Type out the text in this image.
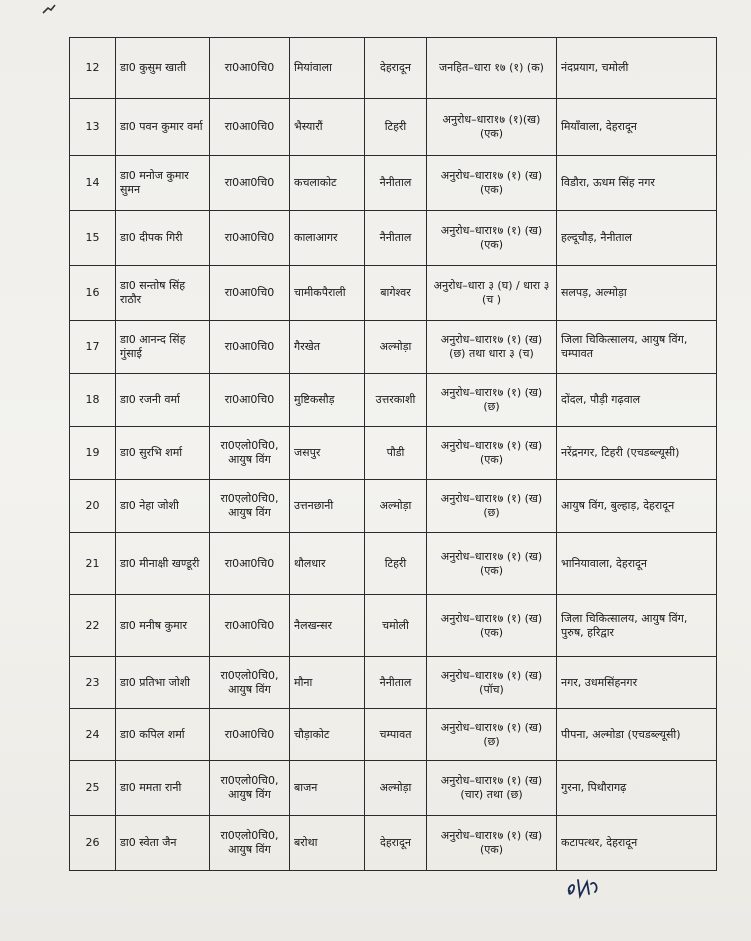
12	डा0 कुसुम खाती	रा0आ0चि0	मियांवाला	देहरादून	जनहित–धारा १७ (१) (क)	नंदप्रयाग, चमोली
13	डा0 पवन कुमार वर्मा	रा0आ0चि0	भैस्यारौं	टिहरी	अनुरोध–धारा१७ (१)(ख) (एक)	मियाँवाला, देहरादून
14	डा0 मनोज कुमार सुमन	रा0आ0चि0	कचलाकोट	नैनीताल	अनुरोध–धारा१७ (१) (ख) (एक)	विडौरा, ऊधम सिंह नगर
15	डा0 दीपक गिरी	रा0आ0चि0	कालाआगर	नैनीताल	अनुरोध–धारा१७ (१) (ख) (एक)	हल्दूचौड़, नैनीताल
16	डा0 सन्तोष सिंह राठौर	रा0आ0चि0	चामीकपैराली	बागेश्वर	अनुरोध–धारा ३ (घ) / धारा ३ (च )	सलपड़, अल्मोड़ा
17	डा0 आनन्द सिंह गुंसाई	रा0आ0चि0	गैरखेत	अल्मोड़ा	अनुरोध–धारा१७ (१) (ख) (छ) तथा धारा ३ (च)	जिला चिकित्सालय, आयुष विंग, चम्पावत
18	डा0 रजनी वर्मा	रा0आ0चि0	मुष्टिकसौड़	उत्तरकाशी	अनुरोध–धारा१७ (१) (ख) (छ)	दोंदल, पौड़ी गढ़वाल
19	डा0 सुरभि शर्मा	रा0एलो0चि0, आयुष विंग	जसपुर	पौडी	अनुरोध–धारा१७ (१) (ख) (एक)	नरेंद्रनगर, टिहरी (एचडब्ल्यूसी)
20	डा0 नेहा जोशी	रा0एलो0चि0, आयुष विंग	उत्तनछानी	अल्मोड़ा	अनुरोध–धारा१७ (१) (ख) (छ)	आयुष विंग, बुल्हाड़, देहरादून
21	डा0 मीनाक्षी खण्डूरी	रा0आ0चि0	थौलधार	टिहरी	अनुरोध–धारा१७ (१) (ख) (एक)	भानियावाला, देहरादून
22	डा0 मनीष कुमार	रा0आ0चि0	नैलखन्सर	चमोली	अनुरोध–धारा१७ (१) (ख) (एक)	जिला चिकित्सालय, आयुष विंग, पुरुष, हरिद्वार
23	डा0 प्रतिभा जोशी	रा0एलो0चि0, आयुष विंग	मौना	नैनीताल	अनुरोध–धारा१७ (१) (ख) (पॉच)	नगर, उधमसिंहनगर
24	डा0 कपिल शर्मा	रा0आ0चि0	चौड़ाकोट	चम्पावत	अनुरोध–धारा१७ (१) (ख) (छ)	पीपना, अल्मोडा (एचडब्ल्यूसी)
25	डा0 ममता रानी	रा0एलो0चि0, आयुष विंग	बाजन	अल्मोड़ा	अनुरोध–धारा१७ (१) (ख) (चार) तथा (छ)	गुरना, पिथौरागढ़
26	डा0 स्वेता जैन	रा0एलो0चि0, आयुष विंग	बरोथा	देहरादून	अनुरोध–धारा१७ (१) (ख) (एक)	कटापत्थर, देहरादून
